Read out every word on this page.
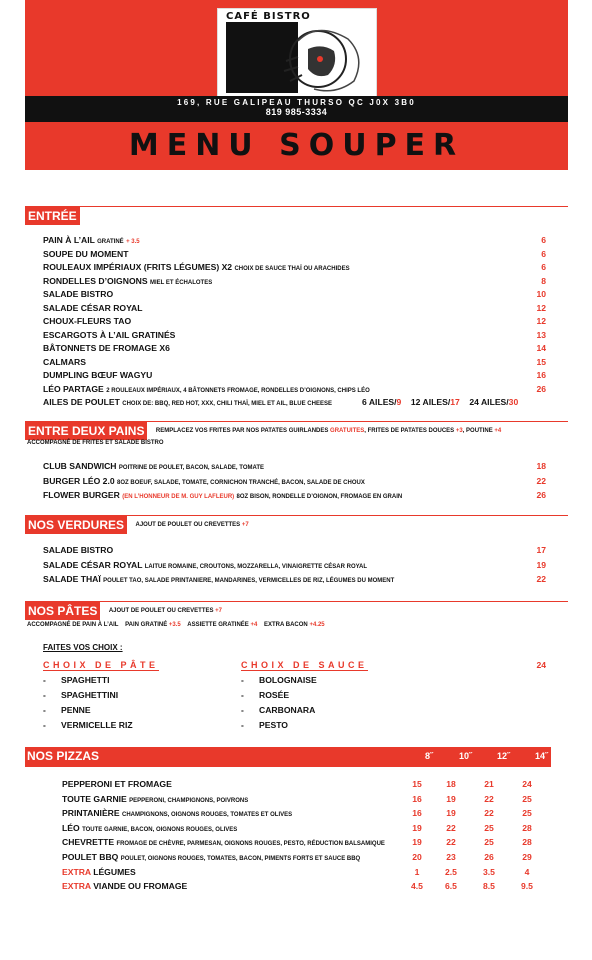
CAFÉ BISTRO
169, RUE GALIPEAU THURSO QC J0X 3B0
819 985-3334
MENU SOUPER
ENTRÉE
PAIN À L’AIL GRATINÉ + 3.5	6
SOUPE DU MOMENT	6
ROULEAUX IMPÉRIAUX (FRITS LÉGUMES) X2 CHOIX DE SAUCE THAÏ OU ARACHIDES	6
RONDELLES D’OIGNONS MIEL ET ÉCHALOTES	8
SALADE BISTRO	10
SALADE CÉSAR ROYAL	12
CHOUX-FLEURS TAO	12
ESCARGOTS À L’AIL GRATINÉS	13
BÂTONNETS DE FROMAGE X6	14
CALMARS	15
DUMPLING BŒUF WAGYU	16
LÉO PARTAGE 2 ROULEAUX IMPÉRIAUX, 4 BÂTONNETS FROMAGE, RONDELLES D’OIGNONS, CHIPS LÉO	26
AILES DE POULET CHOIX DE: BBQ, RED HOT, XXX, CHILI THAÏ, MIEL ET AIL, BLUE CHEESE	6 AILES/9 12 AILES/17 24 AILES/30
ENTRE DEUX PAINS REMPLACEZ VOS FRITES PAR NOS PATATES GUIRLANDES GRATUITES, FRITES DE PATATES DOUCES +3, POUTINE +4
ACCOMPAGNÉ DE FRITES ET SALADE BISTRO
CLUB SANDWICH POITRINE DE POULET, BACON, SALADE, TOMATE	18
BURGER LÉO 2.0 8OZ BOEUF, SALADE, TOMATE, CORNICHON TRANCHÉ, BACON, SALADE DE CHOUX	22
FLOWER BURGER (EN L’HONNEUR DE M. GUY LAFLEUR) 8OZ BISON, RONDELLE D’OIGNON, FROMAGE EN GRAIN	26
NOS VERDURES AJOUT DE POULET OU CREVETTES +7
SALADE BISTRO	17
SALADE CÉSAR ROYAL LAITUE ROMAINE, CROUTONS, MOZZARELLA, VINAIGRETTE CÉSAR ROYAL	19
SALADE THAÏ POULET TAO, SALADE PRINTANIERE, MANDARINES, VERMICELLES DE RIZ, LÉGUMES DU MOMENT	22
NOS PÂTES AJOUT DE POULET OU CREVETTES +7
ACCOMPAGNÉ DE PAIN À L’AIL PAIN GRATINÉ +3.5 ASSIETTE GRATINÉE +4 EXTRA BACON +4.25
FAITES VOS CHOIX :
CHOIX DE PÂTE
- SPAGHETTI
- SPAGHETTINI
- PENNE
- VERMICELLE RIZ
CHOIX DE SAUCE
- BOLOGNAISE
- ROSÉE
- CARBONARA
- PESTO
24
NOS PIZZAS	8˝	10˝	12˝	14˝
PEPPERONI ET FROMAGE	15	18	21	24
TOUTE GARNIE PEPPERONI, CHAMPIGNONS, POIVRONS	16	19	22	25
PRINTANIÈRE CHAMPIGNONS, OIGNONS ROUGES, TOMATES ET OLIVES	16	19	22	25
LÉO TOUTE GARNIE, BACON, OIGNONS ROUGES, OLIVES	19	22	25	28
CHEVRETTE FROMAGE DE CHÈVRE, PARMESAN, OIGNONS ROUGES, PESTO, RÉDUCTION BALSAMIQUE	19	22	25	28
POULET BBQ POULET, OIGNONS ROUGES, TOMATES, BACON, PIMENTS FORTS ET SAUCE BBQ	20	23	26	29
EXTRA LÉGUMES	1	2.5	3.5	4
EXTRA VIANDE OU FROMAGE	4.5	6.5	8.5	9.5
